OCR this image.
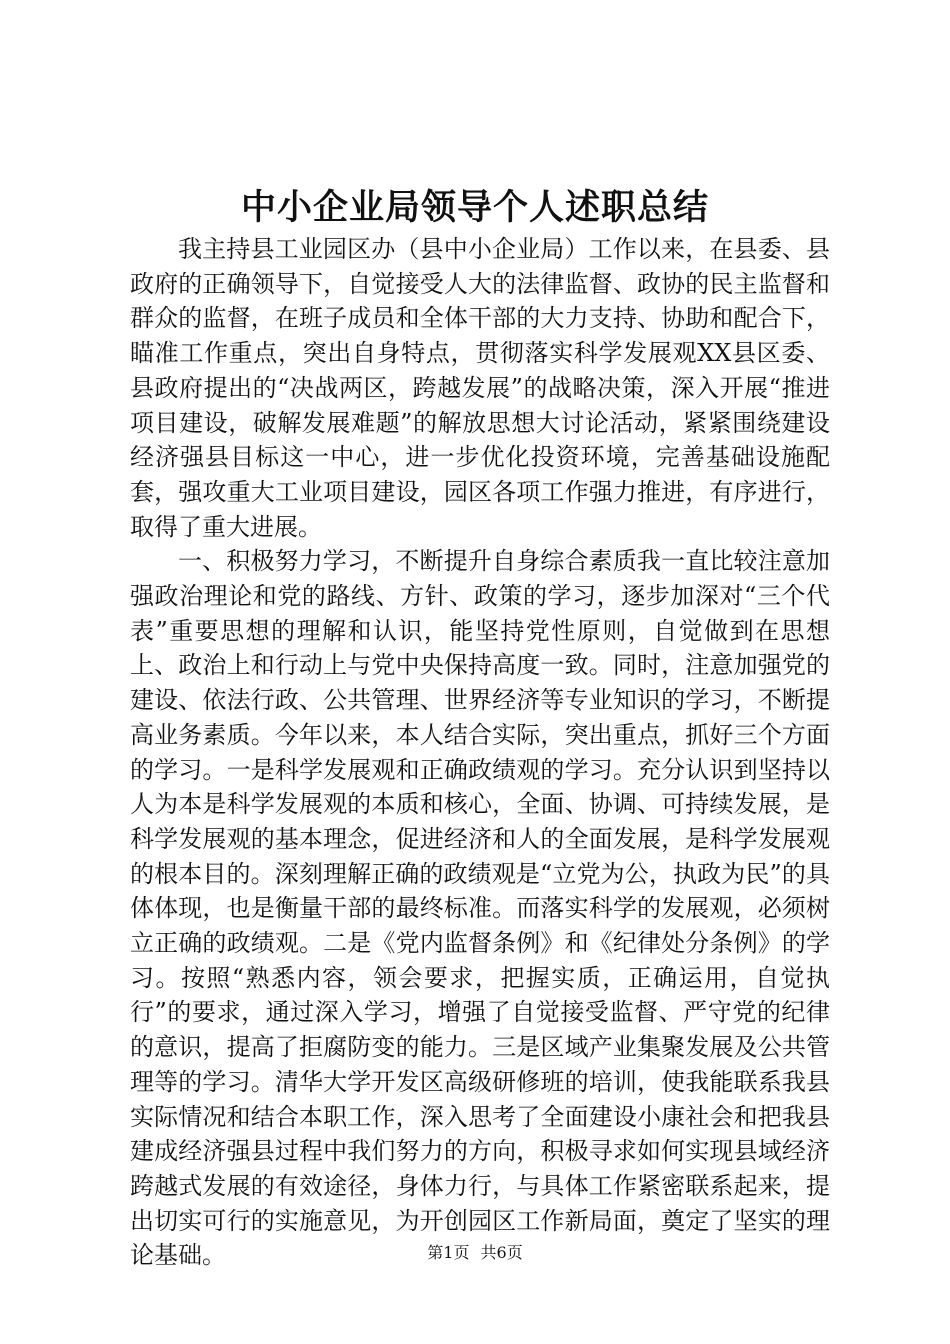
中小企业局领导个人述职总结

我主持县工业园区办（县中小企业局）工作以来，在县委、县政府的正确领导下，自觉接受人大的法律监督、政协的民主监督和群众的监督，在班子成员和全体干部的大力支持、协助和配合下，瞄准工作重点，突出自身特点，贯彻落实科学发展观XX县区委、县政府提出的“决战两区，跨越发展”的战略决策，深入开展“推进项目建设，破解发展难题”的解放思想大讨论活动，紧紧围绕建设经济强县目标这一中心，进一步优化投资环境，完善基础设施配套，强攻重大工业项目建设，园区各项工作强力推进，有序进行，取得了重大进展。

一、积极努力学习，不断提升自身综合素质我一直比较注意加强政治理论和党的路线、方针、政策的学习，逐步加深对“三个代表”重要思想的理解和认识，能坚持党性原则，自觉做到在思想上、政治上和行动上与党中央保持高度一致。同时，注意加强党的建设、依法行政、公共管理、世界经济等专业知识的学习，不断提高业务素质。今年以来，本人结合实际，突出重点，抓好三个方面的学习。一是科学发展观和正确政绩观的学习。充分认识到坚持以人为本是科学发展观的本质和核心，全面、协调、可持续发展，是科学发展观的基本理念，促进经济和人的全面发展，是科学发展观的根本目的。深刻理解正确的政绩观是“立党为公，执政为民”的具体体现，也是衡量干部的最终标准。而落实科学的发展观，必须树立正确的政绩观。二是《党内监督条例》和《纪律处分条例》的学习。按照“熟悉内容，领会要求，把握实质，正确运用，自觉执行”的要求，通过深入学习，增强了自觉接受监督、严守党的纪律的意识，提高了拒腐防变的能力。三是区域产业集聚发展及公共管理等的学习。清华大学开发区高级研修班的培训，使我能联系我县实际情况和结合本职工作，深入思考了全面建设小康社会和把我县建成经济强县过程中我们努力的方向，积极寻求如何实现县域经济跨越式发展的有效途径，身体力行，与具体工作紧密联系起来，提出切实可行的实施意见，为开创园区工作新局面，奠定了坚实的理论基础。	第1页 共6页
